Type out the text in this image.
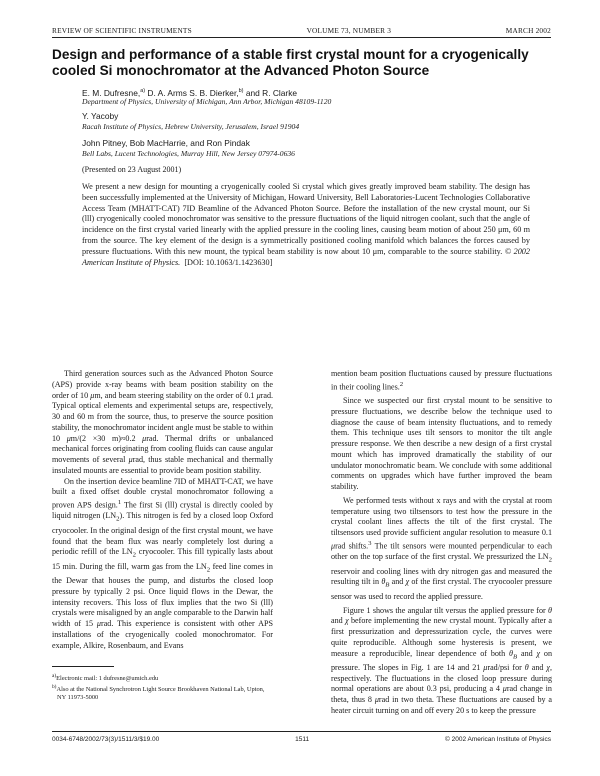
REVIEW OF SCIENTIFIC INSTRUMENTS	VOLUME 73, NUMBER 3	MARCH 2002
Design and performance of a stable first crystal mount for a cryogenically cooled Si monochromator at the Advanced Photon Source
E. M. Dufresne,$^{a)}$ D. A. Arms S. B. Dierker,$^{b)}$ and R. Clarke
Department of Physics, University of Michigan, Ann Arbor, Michigan 48109-1120
Y. Yacoby
Racah Institute of Physics, Hebrew University, Jerusalem, Israel 91904
John Pitney, Bob MacHarrie, and Ron Pindak
Bell Labs, Lucent Technologies, Murray Hill, New Jersey 07974-0636
(Presented on 23 August 2001)

We present a new design for mounting a cryogenically cooled Si crystal which gives greatly improved beam stability. The design has been successfully implemented at the University of Michigan, Howard University, Bell Laboratories-Lucent Technologies Collaborative Access Team (MHATT-CAT) 7ID Beamline of the Advanced Photon Source. Before the installation of the new crystal mount, our Si (lll) cryogenically cooled monochromator was sensitive to the pressure fluctuations of the liquid nitrogen coolant, such that the angle of incidence on the first crystal varied linearly with the applied pressure in the cooling lines, causing beam motion of about 250 μm, 60 m from the source. The key element of the design is a symmetrically positioned cooling manifold which balances the forces caused by pressure fluctuations. With this new mount, the typical beam stability is now about 10 μm, comparable to the source stability. © 2002 American Institute of Physics.  [DOI: 10.1063/1.1423630]

Third generation sources such as the Advanced Photon Source (APS) provide x-ray beams with beam position stability on the order of 10 μm, and beam steering stability on the order of 0.1 μrad. Typical optical elements and experimental setups are, respectively, 30 and 60 m from the source, thus, to preserve the source position stability, the monochromator incident angle must be stable to within 10 μm/(2 ×30 m)≈0.2 μrad. Thermal drifts or unbalanced mechanical forces originating from cooling fluids can cause angular movements of several μrad, thus stable mechanical and thermally insulated mounts are essential to provide beam position stability.

On the insertion device beamline 7ID of MHATT-CAT, we have built a fixed offset double crystal monochromator following a proven APS design.$^1$ The first Si (lll) crystal is directly cooled by liquid nitrogen $(LN_2)$. This nitrogen is fed by a closed loop Oxford cryocooler. In the original design of the first crystal mount, we have found that the beam flux was nearly completely lost during a periodic refill of the $LN_2$ cryocooler. This fill typically lasts about 15 min. During the fill, warm gas from the $LN_2$ feed line comes in the Dewar that houses the pump, and disturbs the closed loop pressure by typically 2 psi. Once liquid flows in the Dewar, the intensity recovers. This loss of flux implies that the two Si (lll) crystals were misaligned by an angle comparable to the Darwin half width of 15 μrad. This experience is consistent with other APS installations of the cryogenically cooled monochromator. For example, Alkire, Rosenbaum, and Evans

mention beam position fluctuations caused by pressure fluctuations in their cooling lines.$^2$

Since we suspected our first crystal mount to be sensitive to pressure fluctuations, we describe below the technique used to diagnose the cause of beam intensity fluctuations, and to remedy them. This technique uses tilt sensors to monitor the tilt angle pressure response. We then describe a new design of a first crystal mount which has improved dramatically the stability of our undulator monochromatic beam. We conclude with some additional comments on upgrades which have further improved the beam stability.

We performed tests without x rays and with the crystal at room temperature using two tiltsensors to test how the pressure in the crystal coolant lines affects the tilt of the first crystal. The tiltsensors used provide sufficient angular resolution to measure 0.1 μrad shifts.$^3$ The tilt sensors were mounted perpendicular to each other on the top surface of the first crystal. We pressurized the $LN_2$ reservoir and cooling lines with dry nitrogen gas and measured the resulting tilt in $\theta_B$ and χ of the first crystal. The cryocooler pressure sensor was used to record the applied pressure.

Figure 1 shows the angular tilt versus the applied pressure for θ and χ before implementing the new crystal mount. Typically after a first pressurization and depressurization cycle, the curves were quite reproducible. Although some hysteresis is present, we measure a reproducible, linear dependence of both $\theta_B$ and χ on pressure. The slopes in Fig. 1 are 14 and 21 μrad/psi for θ and χ, respectively. The fluctuations in the closed loop pressure during normal operations are about 0.3 psi, producing a 4 μrad change in theta, thus 8 μrad in two theta. These fluctuations are caused by a heater circuit turning on and off every 20 s to keep the pressure

$^{a)}$Electronic mail: 1 dufresne@umich.edu

$^{b)}$Also at the National Synchrotron Light Source Brookhaven National Lab, Upton, NY 11973-5000

0034-6748/2002/73(3)/1511/3/$19.00	1511	© 2002 American Institute of Physics
